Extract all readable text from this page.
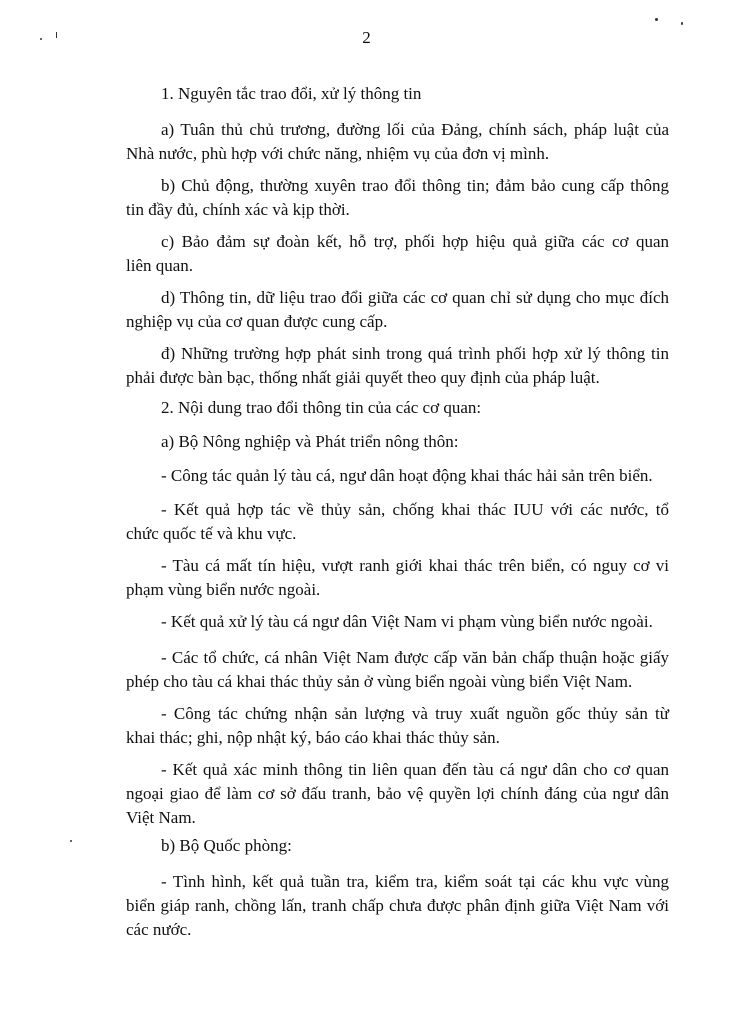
2
1. Nguyên tắc trao đổi, xử lý thông tin
a) Tuân thủ chủ trương, đường lối của Đảng, chính sách, pháp luật của
Nhà nước, phù hợp với chức năng, nhiệm vụ của đơn vị mình.
b) Chủ động, thường xuyên trao đổi thông tin; đảm bảo cung cấp thông
tin đầy đủ, chính xác và kịp thời.
c) Bảo đảm sự đoàn kết, hỗ trợ, phối hợp hiệu quả giữa các cơ quan
liên quan.
d) Thông tin, dữ liệu trao đổi giữa các cơ quan chỉ sử dụng cho mục đích
nghiệp vụ của cơ quan được cung cấp.
đ) Những trường hợp phát sinh trong quá trình phối hợp xử lý thông tin
phải được bàn bạc, thống nhất giải quyết theo quy định của pháp luật.
2. Nội dung trao đổi thông tin của các cơ quan:
a) Bộ Nông nghiệp và Phát triển nông thôn:
- Công tác quản lý tàu cá, ngư dân hoạt động khai thác hải sản trên biển.
- Kết quả hợp tác về thủy sản, chống khai thác IUU với các nước, tổ
chức quốc tế và khu vực.
- Tàu cá mất tín hiệu, vượt ranh giới khai thác trên biển, có nguy cơ vi
phạm vùng biển nước ngoài.
- Kết quả xử lý tàu cá ngư dân Việt Nam vi phạm vùng biển nước ngoài.
- Các tổ chức, cá nhân Việt Nam được cấp văn bản chấp thuận hoặc giấy
phép cho tàu cá khai thác thủy sản ở vùng biển ngoài vùng biển Việt Nam.
- Công tác chứng nhận sản lượng và truy xuất nguồn gốc thủy sản từ
khai thác; ghi, nộp nhật ký, báo cáo khai thác thủy sản.
- Kết quả xác minh thông tin liên quan đến tàu cá ngư dân cho cơ quan
ngoại giao để làm cơ sở đấu tranh, bảo vệ quyền lợi chính đáng của ngư dân
Việt Nam.
b) Bộ Quốc phòng:
- Tình hình, kết quả tuần tra, kiểm tra, kiểm soát tại các khu vực vùng
biển giáp ranh, chồng lấn, tranh chấp chưa được phân định giữa Việt Nam với
các nước.
